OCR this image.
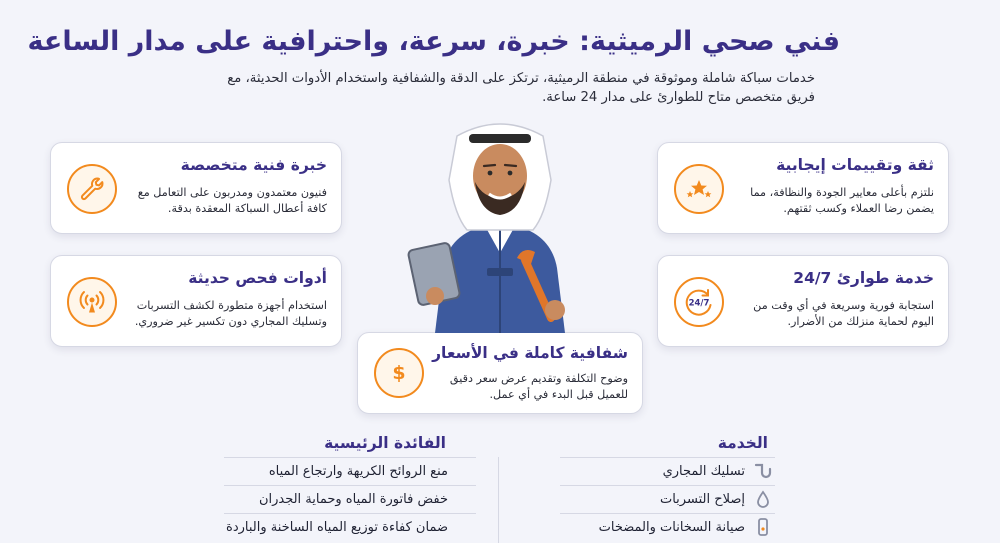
فني صحي الرميثية: خبرة، سرعة، واحترافية على مدار الساعة
خدمات سباكة شاملة وموثوقة في منطقة الرميثية، ترتكز على الدقة والشفافية واستخدام الأدوات الحديثة، مع فريق متخصص متاح للطوارئ على مدار 24 ساعة.
خبرة فنية متخصصة
فنيون معتمدون ومدربون على التعامل مع كافة أعطال السباكة المعقدة بدقة.
ثقة وتقييمات إيجابية
نلتزم بأعلى معايير الجودة والنظافة، مما يضمن رضا العملاء وكسب ثقتهم.
أدوات فحص حديثة
استخدام أجهزة متطورة لكشف التسربات وتسليك المجاري دون تكسير غير ضروري.
خدمة طوارئ 24/7
استجابة فورية وسريعة في أي وقت من اليوم لحماية منزلك من الأضرار.
24/7
شفافية كاملة في الأسعار
وضوح التكلفة وتقديم عرض سعر دقيق للعميل قبل البدء في أي عمل.
$
الخدمة
الفائدة الرئيسية
تسليك المجاري
إصلاح التسربات
صيانة السخانات والمضخات
منع الروائح الكريهة وارتجاع المياه
خفض فاتورة المياه وحماية الجدران
ضمان كفاءة توزيع المياه الساخنة والباردة
